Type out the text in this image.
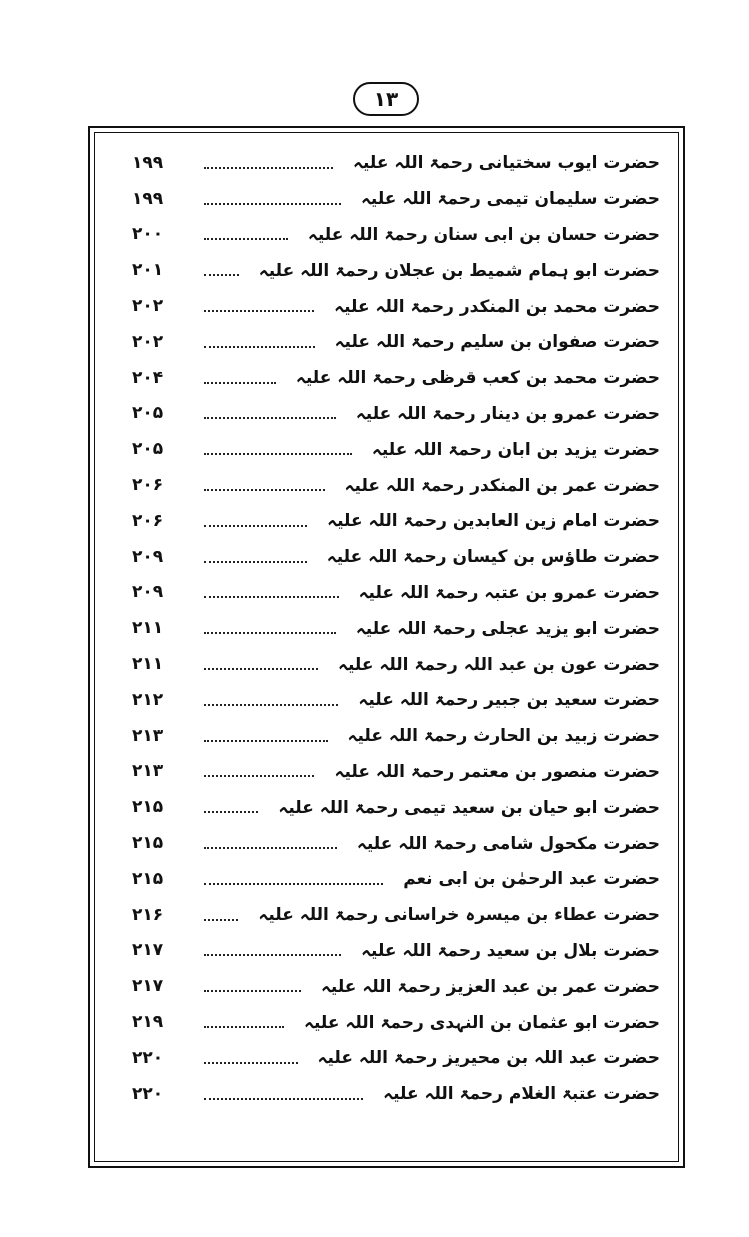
۱۳
حضرت ایوب سختیانی رحمۃ اللہ علیہ
۱۹۹
حضرت سلیمان تیمی رحمۃ اللہ علیہ
۱۹۹
حضرت حسان بن ابی سنان رحمۃ اللہ علیہ
۲۰۰
حضرت ابو ہمام شمیط بن عجلان رحمۃ اللہ علیہ
۲۰۱
حضرت محمد بن المنکدر رحمۃ اللہ علیہ
۲۰۲
حضرت صفوان بن سلیم رحمۃ اللہ علیہ
۲۰۲
حضرت محمد بن کعب قرظی رحمۃ اللہ علیہ
۲۰۴
حضرت عمرو بن دینار رحمۃ اللہ علیہ
۲۰۵
حضرت یزید بن ابان رحمۃ اللہ علیہ
۲۰۵
حضرت عمر بن المنکدر رحمۃ اللہ علیہ
۲۰۶
حضرت امام زین العابدین رحمۃ اللہ علیہ
۲۰۶
حضرت طاؤس بن کیسان رحمۃ اللہ علیہ
۲۰۹
حضرت عمرو بن عتبہ رحمۃ اللہ علیہ
۲۰۹
حضرت ابو یزید عجلی رحمۃ اللہ علیہ
۲۱۱
حضرت عون بن عبد اللہ رحمۃ اللہ علیہ
۲۱۱
حضرت سعید بن جبیر رحمۃ اللہ علیہ
۲۱۲
حضرت زبید بن الحارث رحمۃ اللہ علیہ
۲۱۳
حضرت منصور بن معتمر رحمۃ اللہ علیہ
۲۱۳
حضرت ابو حیان بن سعید تیمی رحمۃ اللہ علیہ
۲۱۵
حضرت مکحول شامی رحمۃ اللہ علیہ
۲۱۵
حضرت عبد الرحمٰن بن ابی نعم
۲۱۵
حضرت عطاء بن میسرہ خراسانی رحمۃ اللہ علیہ
۲۱۶
حضرت بلال بن سعید رحمۃ اللہ علیہ
۲۱۷
حضرت عمر بن عبد العزیز رحمۃ اللہ علیہ
۲۱۷
حضرت ابو عثمان بن النہدی رحمۃ اللہ علیہ
۲۱۹
حضرت عبد اللہ بن محیریز رحمۃ اللہ علیہ
۲۲۰
حضرت عتبۃ الغلام رحمۃ اللہ علیہ
۲۲۰
